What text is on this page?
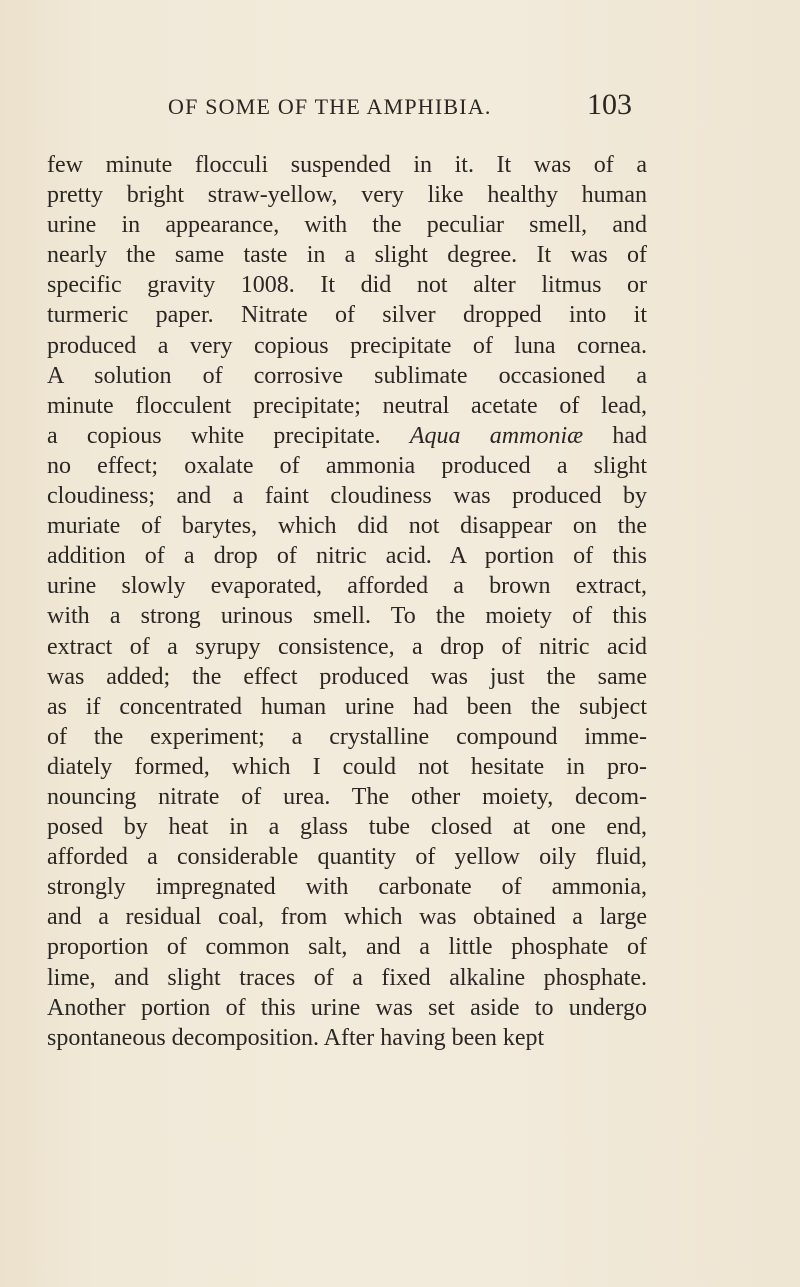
OF SOME OF THE AMPHIBIA.	103
few minute flocculi suspended in it. It was of a
pretty bright straw-yellow, very like healthy human
urine in appearance, with the peculiar smell, and
nearly the same taste in a slight degree. It was of
specific gravity 1008. It did not alter litmus or
turmeric paper. Nitrate of silver dropped into it
produced a very copious precipitate of luna cornea.
A solution of corrosive sublimate occasioned a
minute flocculent precipitate; neutral acetate of lead,
a copious white precipitate. Aqua ammoniæ had
no effect; oxalate of ammonia produced a slight
cloudiness; and a faint cloudiness was produced by
muriate of barytes, which did not disappear on the
addition of a drop of nitric acid. A portion of this
urine slowly evaporated, afforded a brown extract,
with a strong urinous smell. To the moiety of this
extract of a syrupy consistence, a drop of nitric acid
was added; the effect produced was just the same
as if concentrated human urine had been the subject
of the experiment; a crystalline compound imme-
diately formed, which I could not hesitate in pro-
nouncing nitrate of urea. The other moiety, decom-
posed by heat in a glass tube closed at one end,
afforded a considerable quantity of yellow oily fluid,
strongly impregnated with carbonate of ammonia,
and a residual coal, from which was obtained a large
proportion of common salt, and a little phosphate of
lime, and slight traces of a fixed alkaline phosphate.
Another portion of this urine was set aside to undergo
spontaneous decomposition. After having been kept
